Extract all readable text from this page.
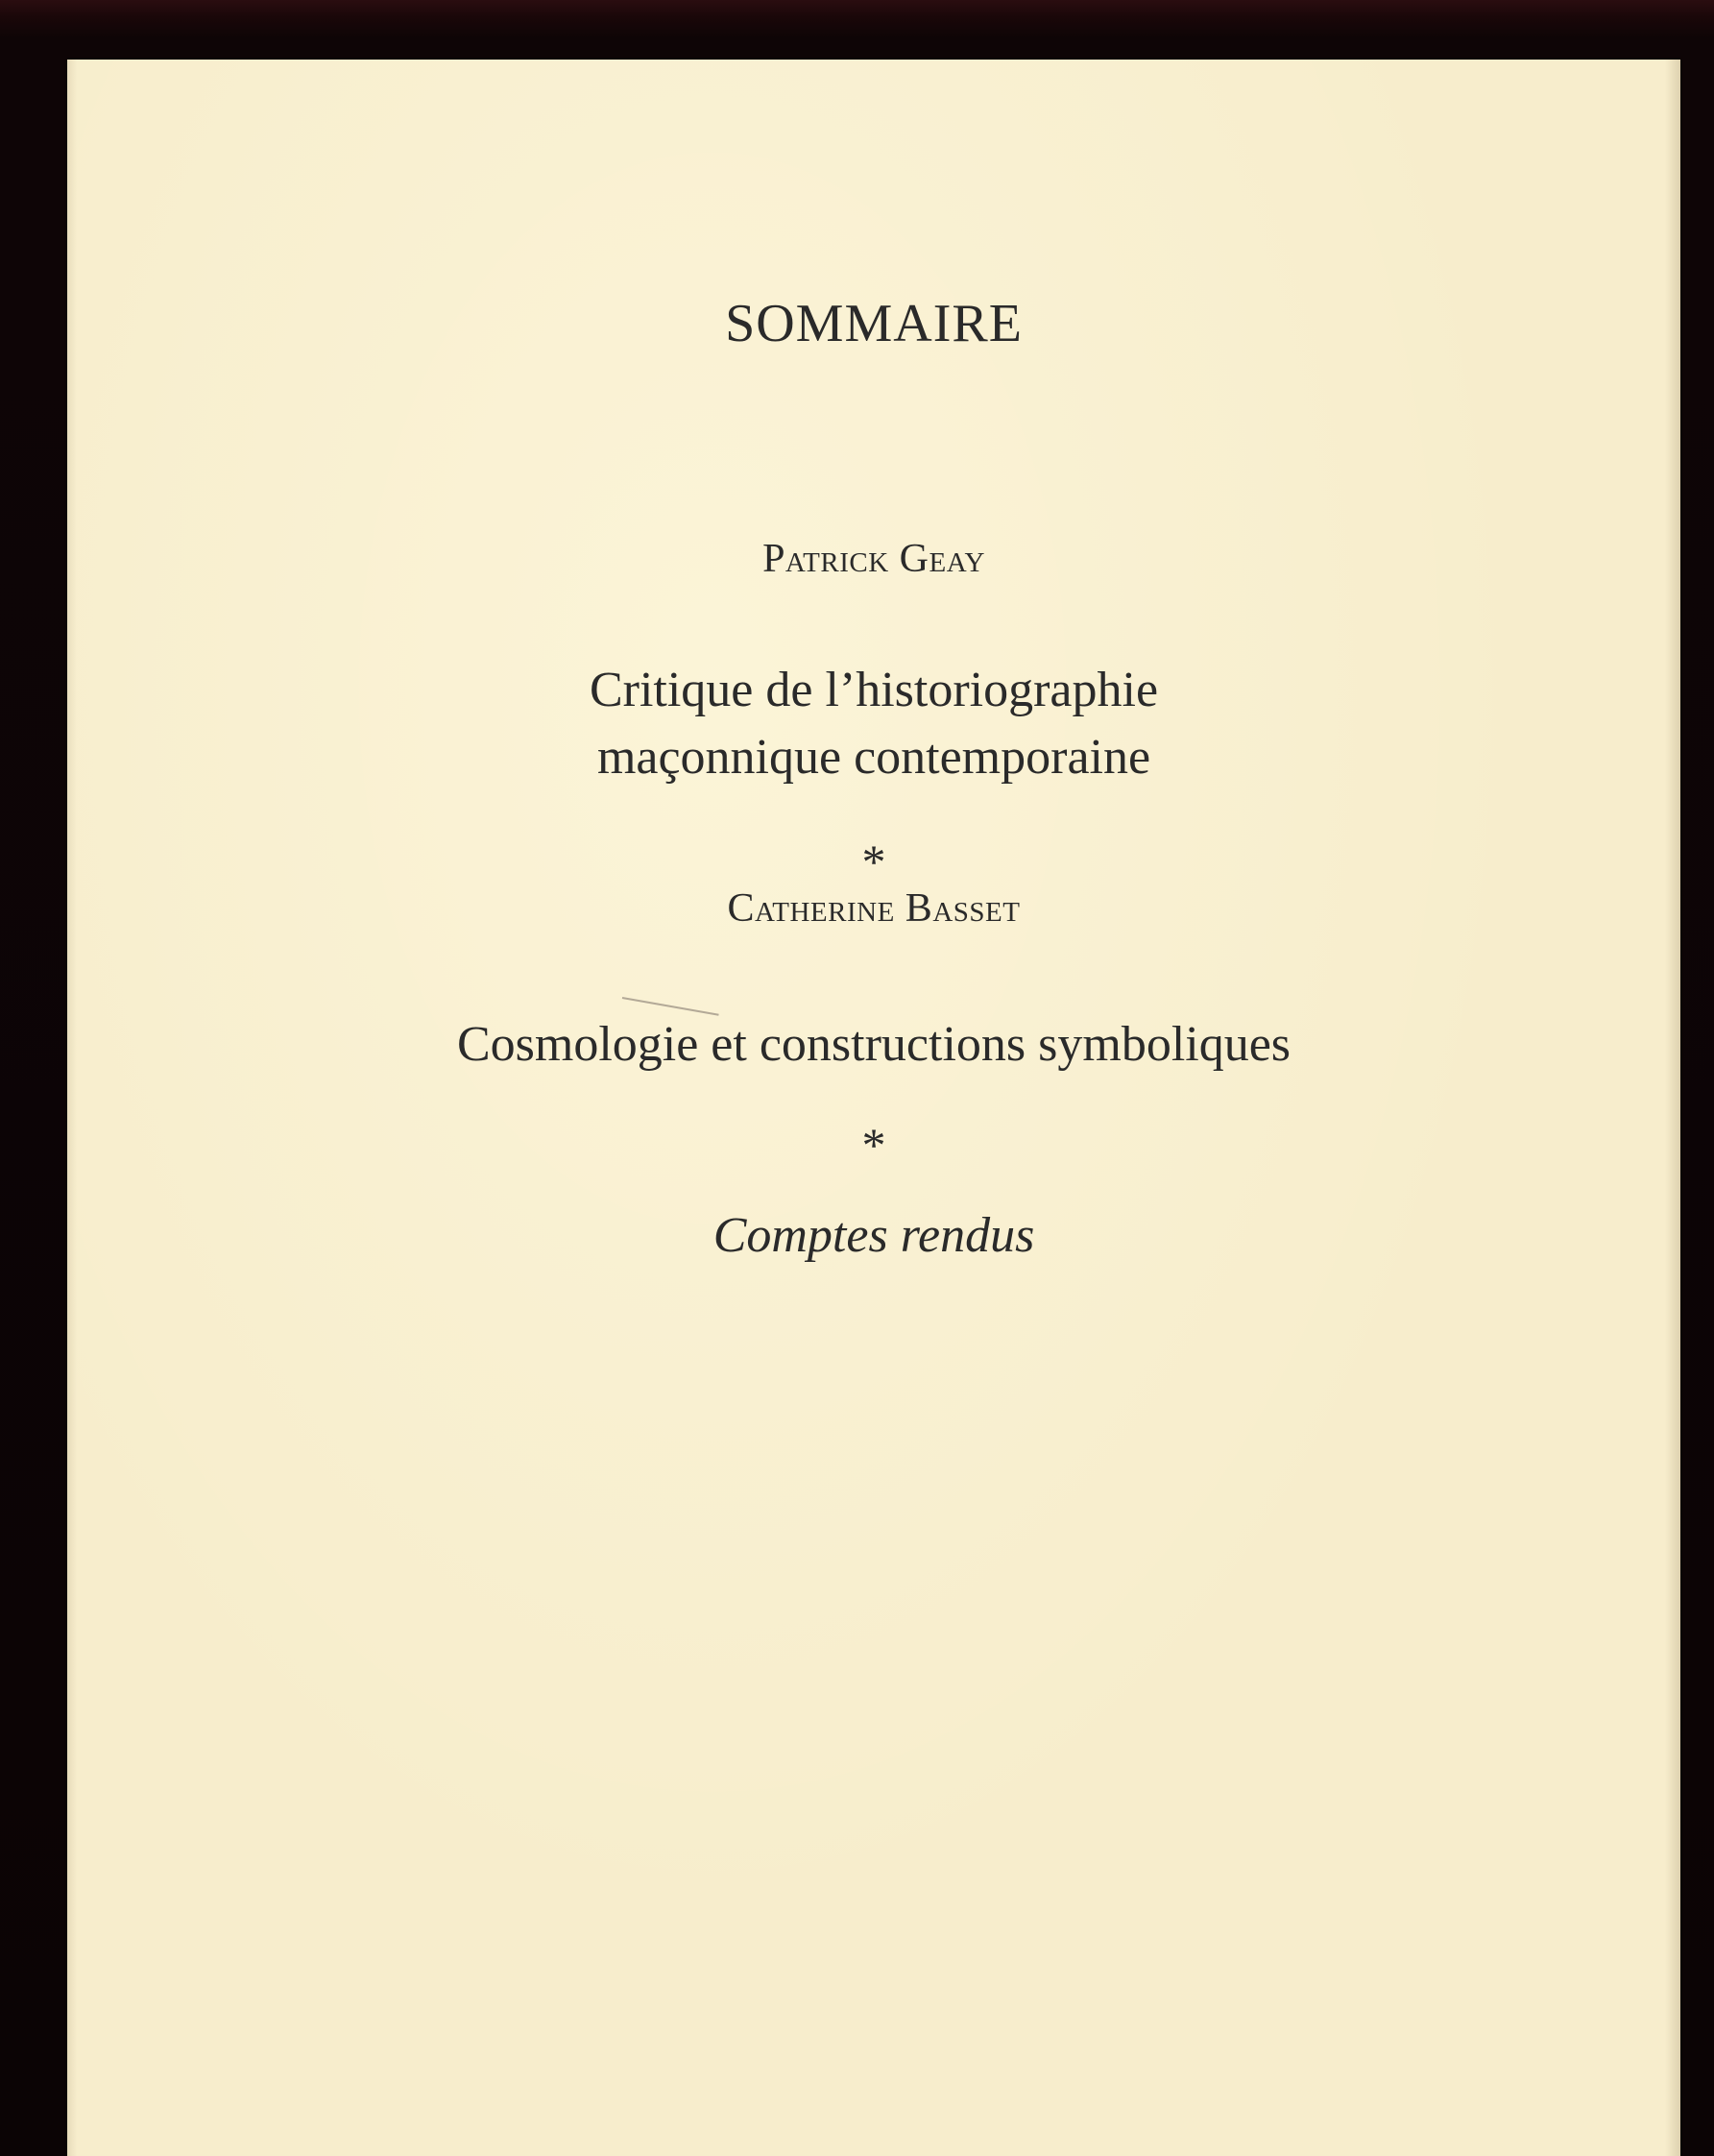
SOMMAIRE
Patrick Geay
Critique de l’historiographie
maçonnique contemporaine
*
Catherine Basset
Cosmologie et constructions symboliques
*
Comptes rendus
